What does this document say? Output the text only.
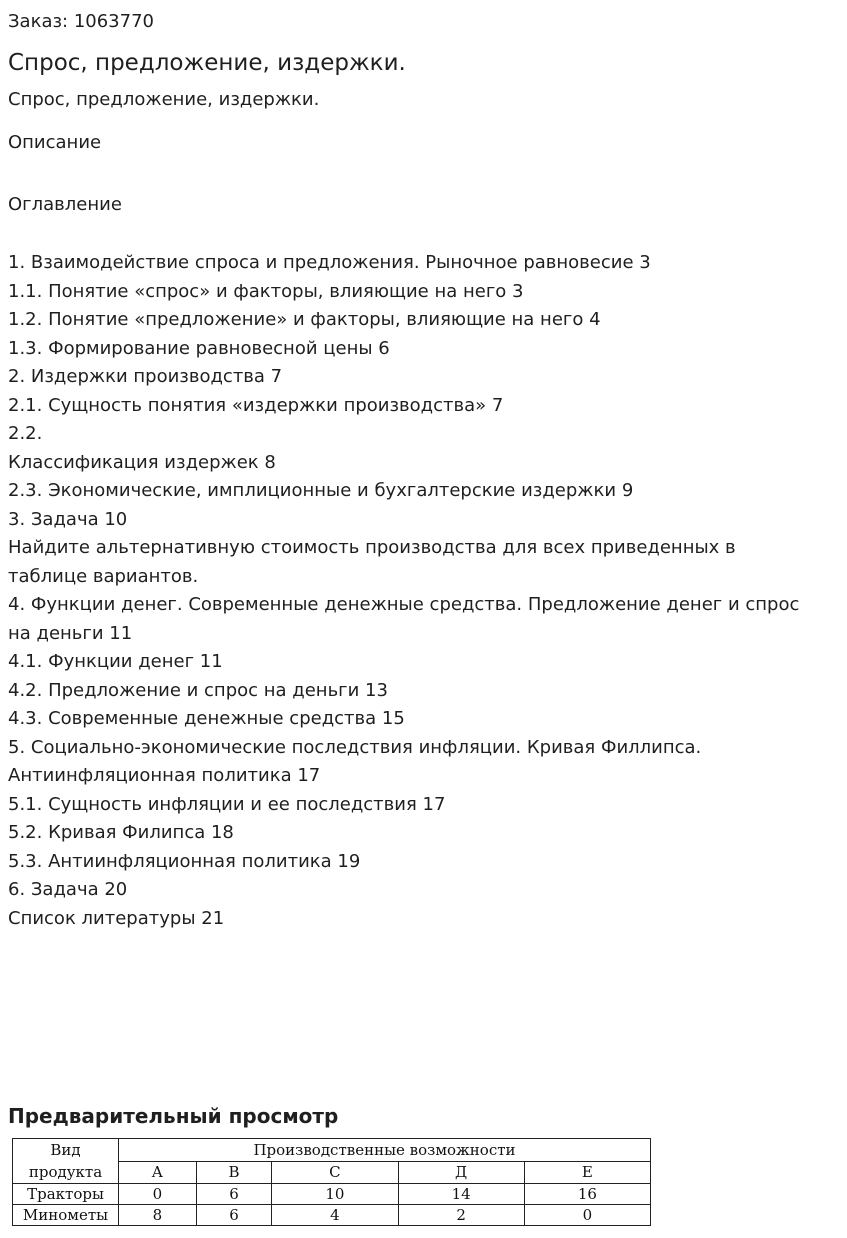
Заказ: 1063770
Спрос, предложение, издержки.
Спрос, предложение, издержки.
Описание
Оглавление
1. Взаимодействие спроса и предложения. Рыночное равновесие 3
1.1. Понятие «спрос» и факторы, влияющие на него 3
1.2. Понятие «предложение» и факторы, влияющие на него 4
1.3. Формирование равновесной цены 6
2. Издержки производства 7
2.1. Сущность понятия «издержки производства» 7
2.2.
Классификация издержек 8
2.3. Экономические, имплиционные и бухгалтерские издержки 9
3. Задача 10
Найдите альтернативную стоимость производства для всех приведенных в таблице вариантов.
4. Функции денег. Современные денежные средства. Предложение денег и спрос на деньги 11
4.1. Функции денег 11
4.2. Предложение и спрос на деньги 13
4.3. Современные денежные средства 15
5. Социально-экономические последствия инфляции. Кривая Филлипса. Антиинфляционная политика 17
5.1. Сущность инфляции и ее последствия 17
5.2. Кривая Филипса 18
5.3. Антиинфляционная политика 19
6. Задача 20
Список литературы 21
Предварительный просмотр
Вид продукта	Производственные возможности				
	А	В	С	Д	Е
Тракторы	0	6	10	14	16
Минометы	8	6	4	2	0
